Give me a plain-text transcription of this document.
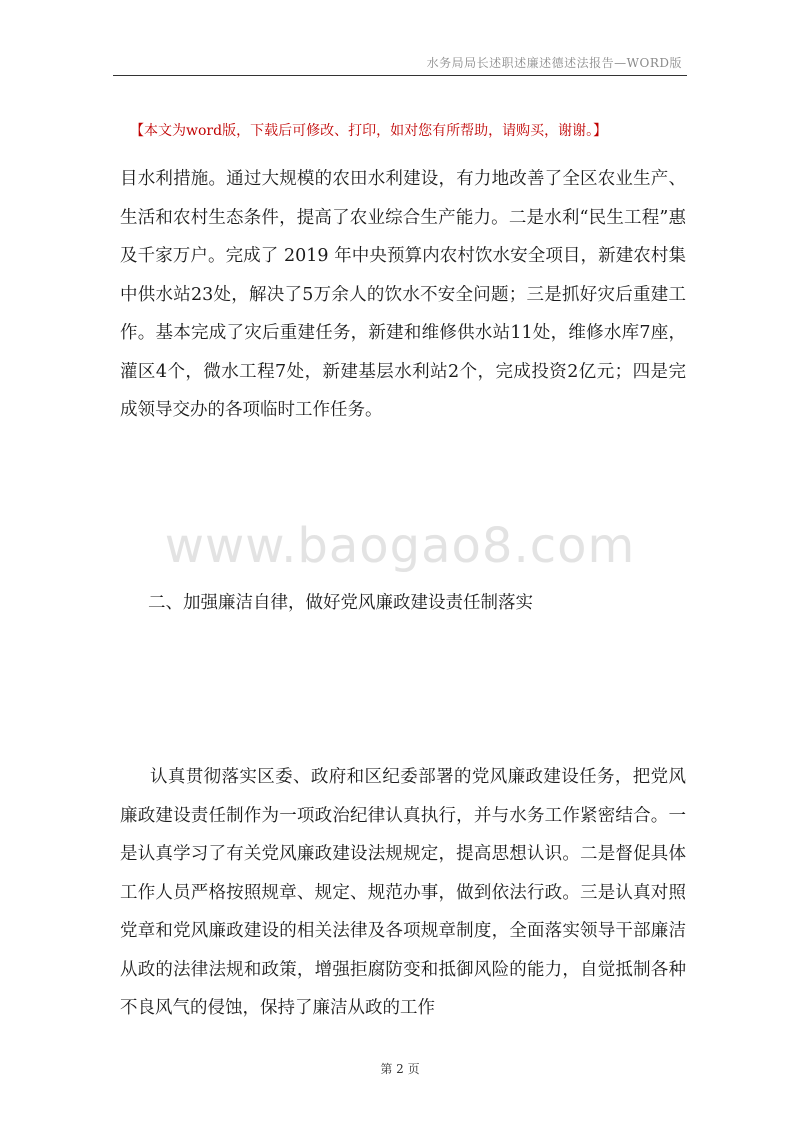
水务局局长述职述廉述德述法报告—WORD版
【本文为word版，下载后可修改、打印，如对您有所帮助，请购买，谢谢。】

目水利措施。通过大规模的农田水利建设，有力地改善了全区农业生产、生活和农村生态条件，提高了农业综合生产能力。二是水利“民生工程”惠及千家万户。完成了 2019 年中央预算内农村饮水安全项目，新建农村集中供水站23处，解决了5万余人的饮水不安全问题；三是抓好灾后重建工作。基本完成了灾后重建任务，新建和维修供水站11处，维修水库7座，灌区4个，微水工程7处，新建基层水利站2个，完成投资2亿元；四是完成领导交办的各项临时工作任务。

www.baogao8.com
二、加强廉洁自律，做好党风廉政建设责任制落实

认真贯彻落实区委、政府和区纪委部署的党风廉政建设任务，把党风廉政建设责任制作为一项政治纪律认真执行，并与水务工作紧密结合。一是认真学习了有关党风廉政建设法规规定，提高思想认识。二是督促具体工作人员严格按照规章、规定、规范办事，做到依法行政。三是认真对照党章和党风廉政建设的相关法律及各项规章制度，全面落实领导干部廉洁从政的法律法规和政策，增强拒腐防变和抵御风险的能力，自觉抵制各种不良风气的侵蚀，保持了廉洁从政的工作

第 2 页
